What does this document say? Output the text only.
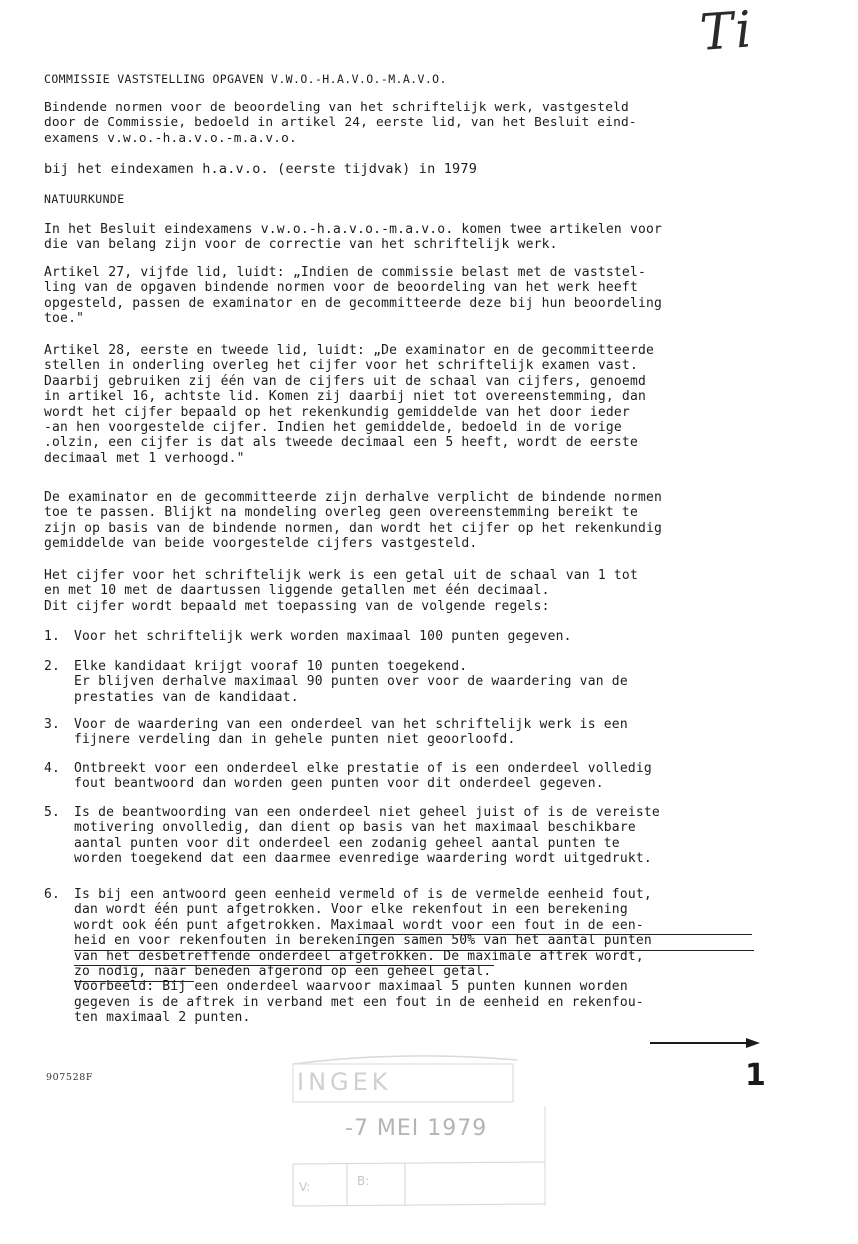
Ti
COMMISSIE VASTSTELLING OPGAVEN V.W.O.-H.A.V.O.-M.A.V.O.
Bindende normen voor de beoordeling van het schriftelijk werk, vastgesteld
door de Commissie, bedoeld in artikel 24, eerste lid, van het Besluit eind-
examens v.w.o.-h.a.v.o.-m.a.v.o.
bij het eindexamen h.a.v.o. (eerste tijdvak) in 1979
NATUURKUNDE
In het Besluit eindexamens v.w.o.-h.a.v.o.-m.a.v.o. komen twee artikelen voor
die van belang zijn voor de correctie van het schriftelijk werk.
Artikel 27, vijfde lid, luidt: „Indien de commissie belast met de vaststel-
ling van de opgaven bindende normen voor de beoordeling van het werk heeft
opgesteld, passen de examinator en de gecommitteerde deze bij hun beoordeling
toe."
Artikel 28, eerste en tweede lid, luidt: „De examinator en de gecommitteerde
stellen in onderling overleg het cijfer voor het schriftelijk examen vast.
Daarbij gebruiken zij één van de cijfers uit de schaal van cijfers, genoemd
in artikel 16, achtste lid. Komen zij daarbij niet tot overeenstemming, dan
wordt het cijfer bepaald op het rekenkundig gemiddelde van het door ieder
-an hen voorgestelde cijfer. Indien het gemiddelde, bedoeld in de vorige
.olzin, een cijfer is dat als tweede decimaal een 5 heeft, wordt de eerste
decimaal met 1 verhoogd."
De examinator en de gecommitteerde zijn derhalve verplicht de bindende normen
toe te passen. Blijkt na mondeling overleg geen overeenstemming bereikt te
zijn op basis van de bindende normen, dan wordt het cijfer op het rekenkundig
gemiddelde van beide voorgestelde cijfers vastgesteld.
Het cijfer voor het schriftelijk werk is een getal uit de schaal van 1 tot
en met 10 met de daartussen liggende getallen met één decimaal.
Dit cijfer wordt bepaald met toepassing van de volgende regels:

1.

Voor het schriftelijk werk worden maximaal 100 punten gegeven.

2.

Elke kandidaat krijgt vooraf 10 punten toegekend.
Er blijven derhalve maximaal 90 punten over voor de waardering van de
prestaties van de kandidaat.

3.

Voor de waardering van een onderdeel van het schriftelijk werk is een
fijnere verdeling dan in gehele punten niet geoorloofd.

4.

Ontbreekt voor een onderdeel elke prestatie of is een onderdeel volledig
fout beantwoord dan worden geen punten voor dit onderdeel gegeven.

5.

Is de beantwoording van een onderdeel niet geheel juist of is de vereiste
motivering onvolledig, dan dient op basis van het maximaal beschikbare
aantal punten voor dit onderdeel een zodanig geheel aantal punten te
worden toegekend dat een daarmee evenredige waardering wordt uitgedrukt.

6.

Is bij een antwoord geen eenheid vermeld of is de vermelde eenheid fout,
dan wordt één punt afgetrokken. Voor elke rekenfout in een berekening
wordt ook één punt afgetrokken. Maximaal wordt voor een fout in de een-
heid en voor rekenfouten in berekeningen samen 50% van het aantal punten
van het desbetreffende onderdeel afgetrokken. De maximale aftrek wordt,
zo nodig, naar beneden afgerond op een geheel getal.
Voorbeeld: Bij een onderdeel waarvoor maximaal 5 punten kunnen worden
gegeven is de aftrek in verband met een fout in de eenheid en rekenfou-
ten maximaal 2 punten.

1
907528F	INGEK
-7 MEI 1979
V:	B:
